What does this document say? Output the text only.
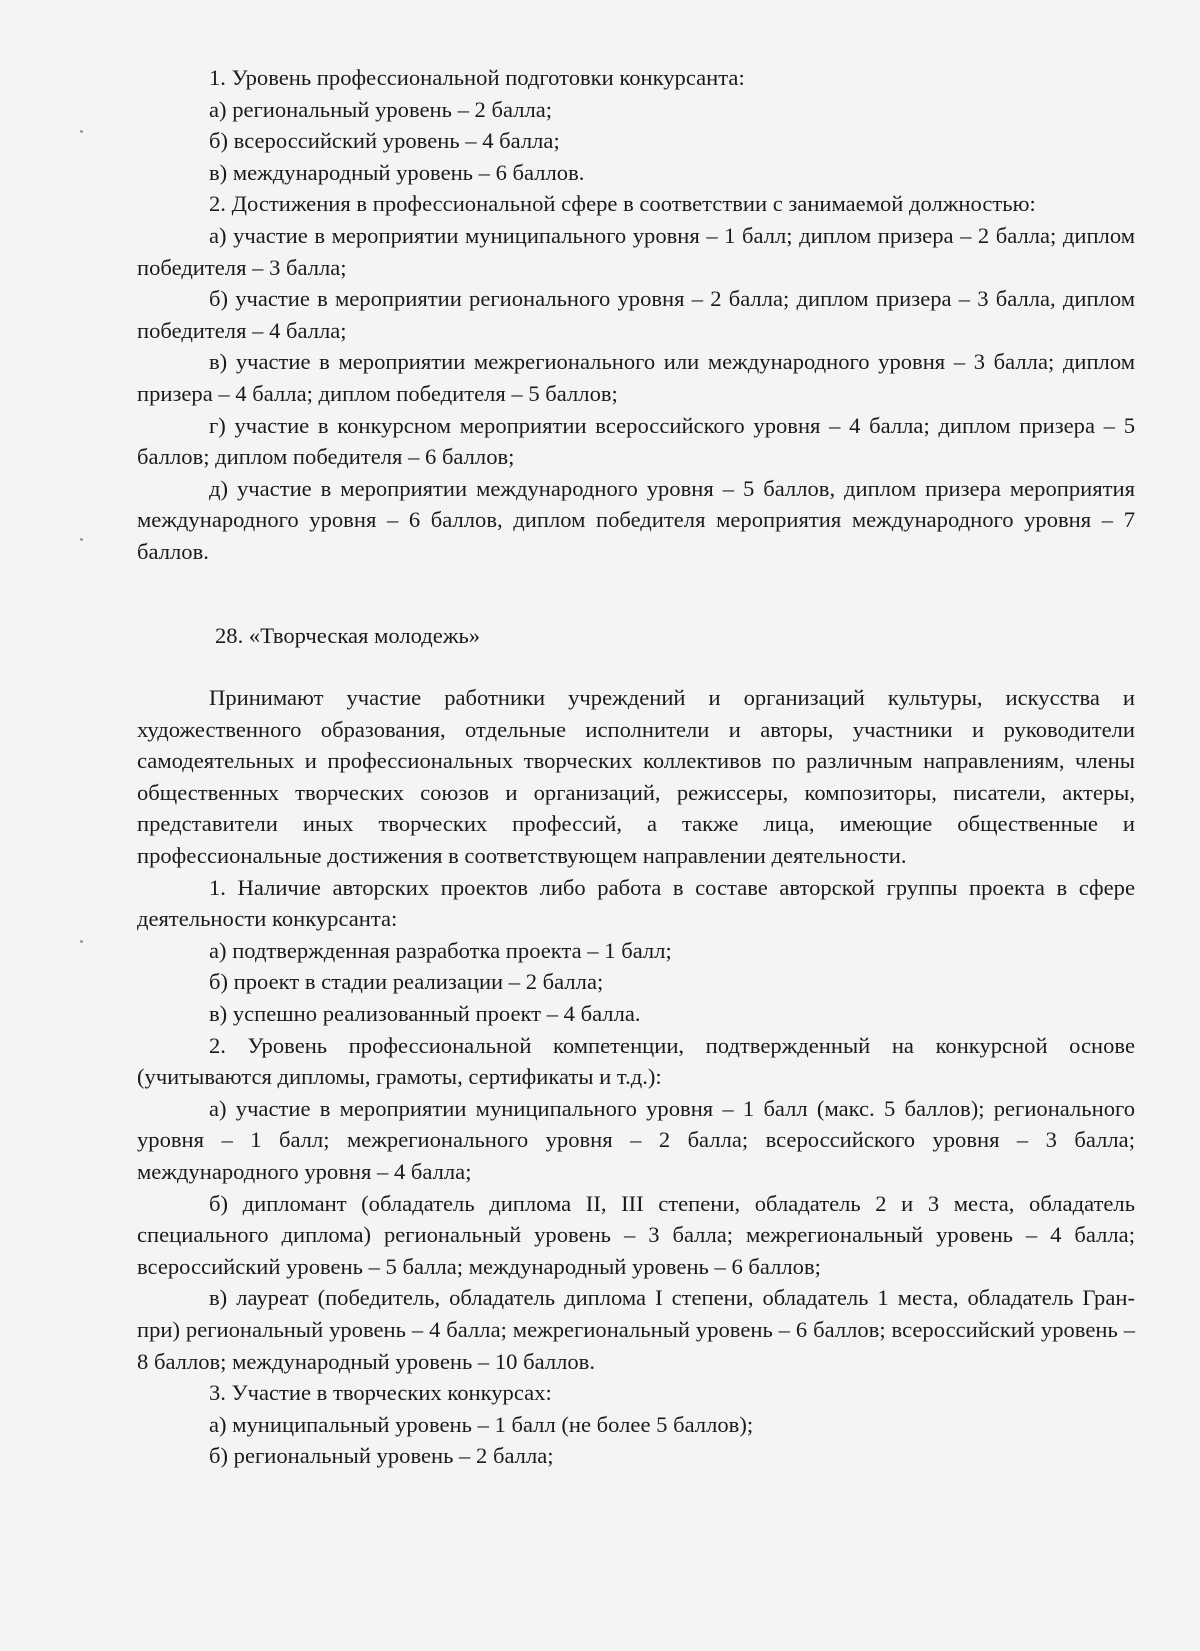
1. Уровень профессиональной подготовки конкурсанта:

а) региональный уровень – 2 балла;

б) всероссийский уровень – 4 балла;

в) международный уровень – 6 баллов.

2. Достижения в профессиональной сфере в соответствии с занимаемой должностью:

а) участие в мероприятии муниципального уровня – 1 балл; диплом призера – 2 балла; диплом победителя – 3 балла;

б) участие в мероприятии регионального уровня – 2 балла; диплом призера – 3 балла, диплом победителя – 4 балла;

в) участие в мероприятии межрегионального или международного уровня – 3 балла; диплом призера – 4 балла; диплом победителя – 5 баллов;

г) участие в конкурсном мероприятии всероссийского уровня – 4 балла; диплом призера – 5 баллов; диплом победителя – 6 баллов;

д) участие в мероприятии международного уровня – 5 баллов, диплом призера мероприятия международного уровня – 6 баллов, диплом победителя мероприятия международного уровня – 7 баллов.

28. «Творческая молодежь»

Принимают участие работники учреждений и организаций культуры, искусства и художественного образования, отдельные исполнители и авторы, участники и руководители самодеятельных и профессиональных творческих коллективов по различным направлениям, члены общественных творческих союзов и организаций, режиссеры, композиторы, писатели, актеры, представители иных творческих профессий, а также лица, имеющие общественные и профессиональные достижения в соответствующем направлении деятельности.

1. Наличие авторских проектов либо работа в составе авторской группы проекта в сфере деятельности конкурсанта:

а) подтвержденная разработка проекта – 1 балл;

б) проект в стадии реализации – 2 балла;

в) успешно реализованный проект – 4 балла.

2. Уровень профессиональной компетенции, подтвержденный на конкурсной основе (учитываются дипломы, грамоты, сертификаты и т.д.):

а) участие в мероприятии муниципального уровня – 1 балл (макс. 5 баллов); регионального уровня – 1 балл; межрегионального уровня – 2 балла; всероссийского уровня – 3 балла; международного уровня – 4 балла;

б) дипломант (обладатель диплома II, III степени, обладатель 2 и 3 места, обладатель специального диплома) региональный уровень – 3 балла; межрегиональный уровень – 4 балла; всероссийский уровень – 5 балла; международный уровень – 6 баллов;

в) лауреат (победитель, обладатель диплома I степени, обладатель 1 места, обладатель Гран-при) региональный уровень – 4 балла; межрегиональный уровень – 6 баллов; всероссийский уровень – 8 баллов; международный уровень – 10 баллов.

3. Участие в творческих конкурсах:

а) муниципальный уровень – 1 балл (не более 5 баллов);

б) региональный уровень – 2 балла;
